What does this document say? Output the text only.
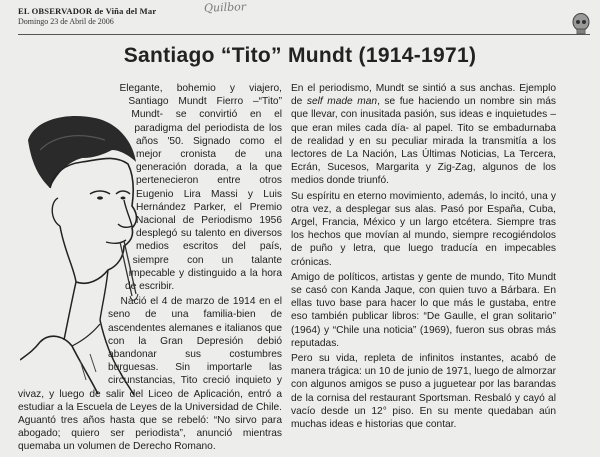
EL OBSERVADOR de Viña del Mar
Domingo 23 de Abril de 2006
Quilbor
Santiago “Tito” Mundt (1914-1971)

Elegante, bohemio y viajero, Santiago Mundt Fierro –“Tito” Mundt- se convirtió en el paradigma del periodista de los años '50. Signado como el mejor cronista de una generación dorada, a la que pertenecieron entre otros Eugenio Lira Massi y Luis Hernández Parker, el Premio Nacional de Periodismo 1956 desplegó su talento en diversos medios escritos del país, siempre con un talante impecable y distinguido a la hora de escribir.

Nació el 4 de marzo de 1914 en el seno de una familia-bien de ascendentes alemanes e italianos que con la Gran Depresión debió abandonar sus costumbres burguesas. Sin importarle las circunstancias, Tito creció inquieto y vivaz, y luego de salir del Liceo de Aplicación, entró a estudiar a la Escuela de Leyes de la Universidad de Chile. Aguantó tres años hasta que se rebeló: “No sirvo para abogado; quiero ser periodista”, anunció mientras quemaba un volumen de Derecho Romano.

En el periodismo, Mundt se sintió a sus anchas. Ejemplo de self made man, se fue haciendo un nombre sin más que llevar, con inusitada pasión, sus ideas e inquietudes –que eran miles cada día- al papel. Tito se embadurnaba de realidad y en su peculiar mirada la transmitía a los lectores de La Nación, Las Últimas Noticias, La Tercera, Ecrán, Sucesos, Margarita y Zig-Zag, algunos de los medios donde triunfó.

Su espíritu en eterno movimiento, además, lo incitó, una y otra vez, a desplegar sus alas. Pasó por España, Cuba, Argel, Francia, México y un largo etcétera. Siempre tras los hechos que movían al mundo, siempre recogiéndolos de puño y letra, que luego traducía en impecables crónicas.

Amigo de políticos, artistas y gente de mundo, Tito Mundt se casó con Kanda Jaque, con quien tuvo a Bárbara. En ellas tuvo base para hacer lo que más le gustaba, entre eso también publicar libros: “De Gaulle, el gran solitario” (1964) y “Chile una noticia” (1969), fueron sus obras más reputadas.

Pero su vida, repleta de infinitos instantes, acabó de manera trágica: un 10 de junio de 1971, luego de almorzar con algunos amigos se puso a juguetear por las barandas de la cornisa del restaurant Sportsman. Resbaló y cayó al vacío desde un 12° piso. En su mente quedaban aún muchas ideas e historias que contar.
